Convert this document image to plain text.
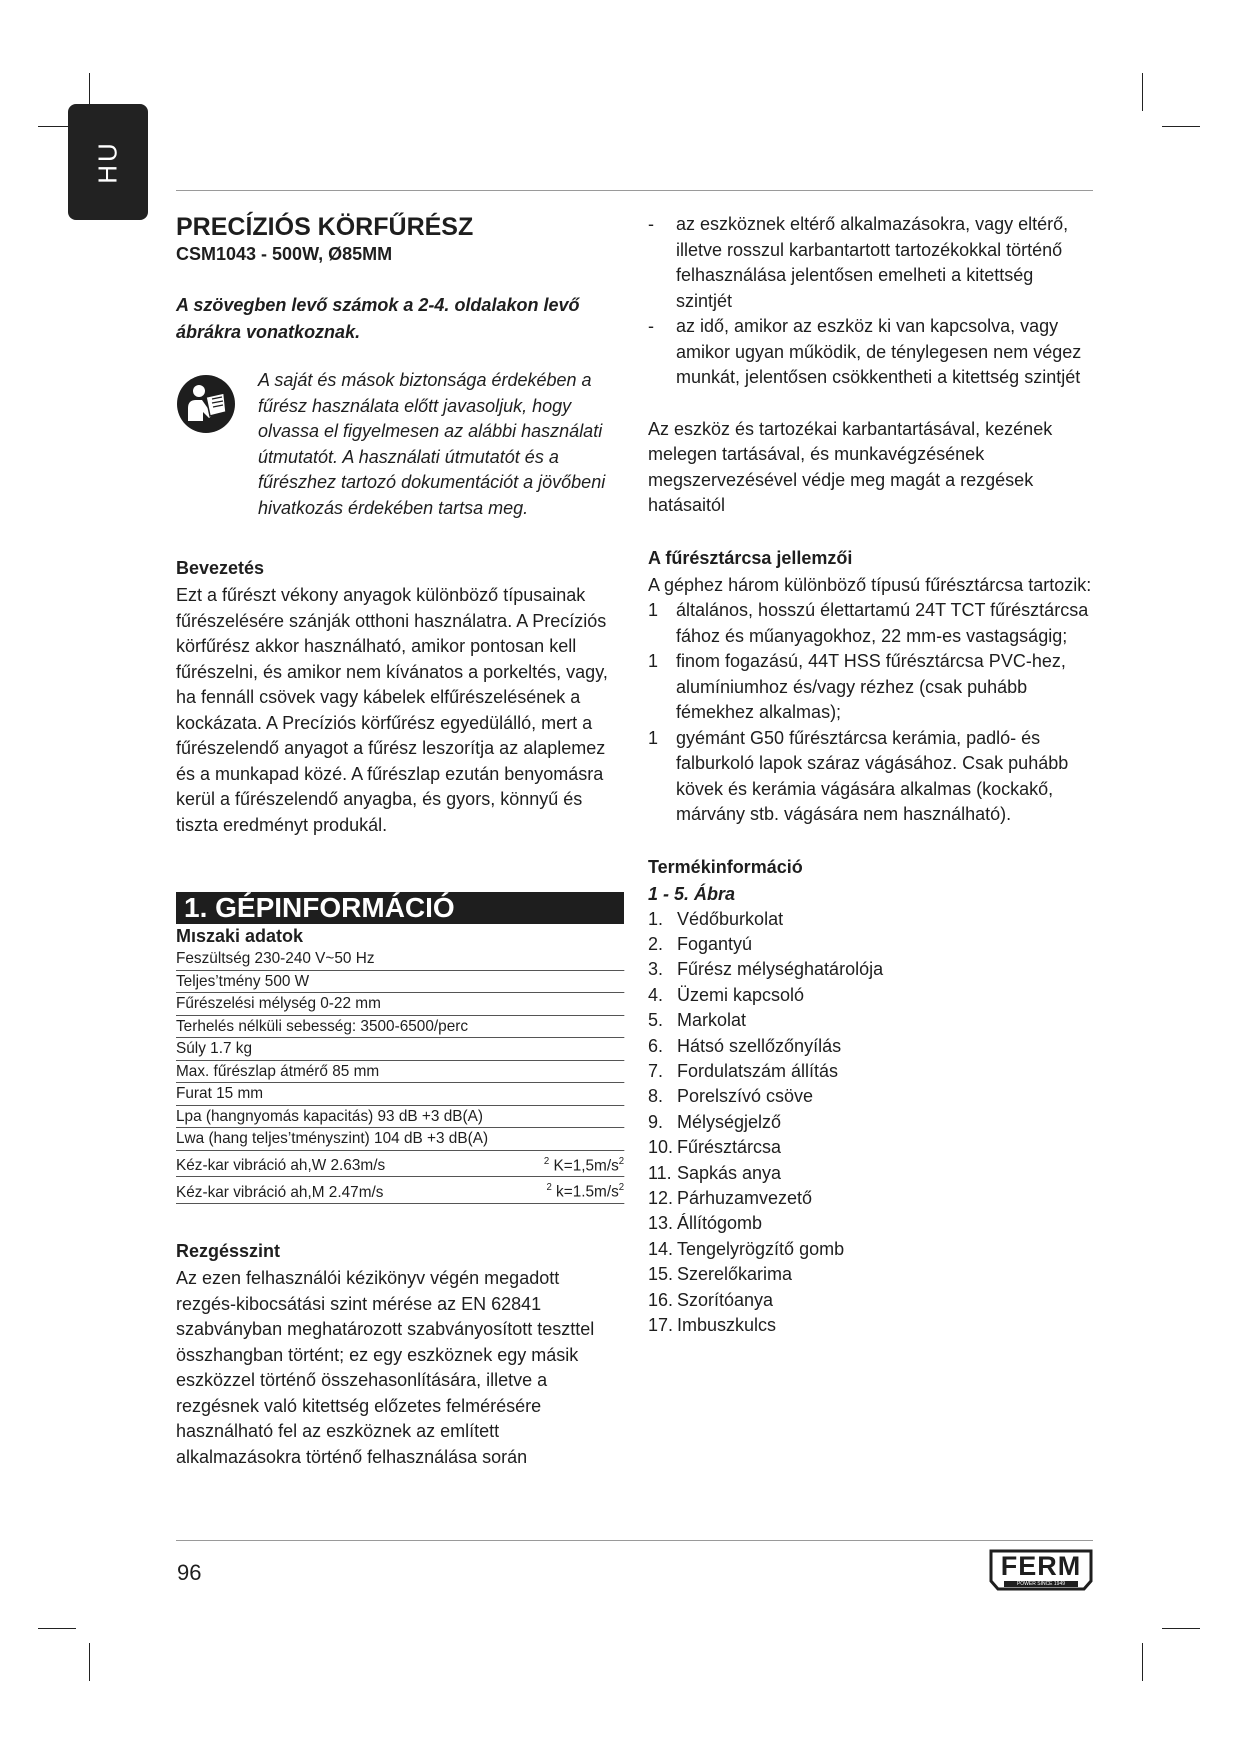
HU
PRECĺZIÓS KÖRFŰRÉSZ

CSM1043 - 500W, Ø85MM

A szövegben levő számok a 2-4. oldalakon levő ábrákra vonatkoznak.

A saját és mások biztonsága érdekében a fűrész használata előtt javasoljuk, hogy olvassa el figyelmesen az alábbi használati útmutatót. A használati útmutatót és a fűrészhez tartozó dokumentációt a jövőbeni hivatkozás érdekében tartsa meg.

Bevezetés

Ezt a fűrészt vékony anyagok különböző típusainak fűrészelésére szánják otthoni használatra. A Precíziós körfűrész akkor használható, amikor pontosan kell fűrészelni, és amikor nem kívánatos a porkeltés, vagy, ha fennáll csövek vagy kábelek elfűrészelésének a kockázata. A Precíziós körfűrész egyedülálló, mert a fűrészelendő anyagot a fűrész leszorítja az alaplemez és a munkapad közé. A fűrészlap ezután benyomásra kerül a fűrészelendő anyagba, és gyors, könnyű és tiszta eredményt produkál.

1. GÉPINFORMÁCIÓ
Mıszaki adatok
Feszültség 230-240 V~50 Hz
Teljes’tmény 500 W
Fűrészelési mélység 0-22 mm
Terhelés nélküli sebesség: 3500-6500/perc
Súly 1.7 kg
Max. fűrészlap átmérő 85 mm
Furat 15 mm
Lpa (hangnyomás kapacitás) 93 dB +3 dB(A)
Lwa (hang teljes’tményszint) 104 dB +3 dB(A)
Kéz-kar vibráció ah,W 2.63m/s	$^2$ $K=1,5m/s^2$
Kéz-kar vibráció ah,M 2.47m/s	$^2$ $k=1.5m/s^2$
Rezgésszint

Az ezen felhasználói kézikönyv végén megadott rezgés-kibocsátási szint mérése az EN 62841 szabványban meghatározott szabványosított teszttel összhangban történt; ez egy eszköznek egy másik eszközzel történő összehasonlítására, illetve a rezgésnek való kitettség előzetes felmérésére használható fel az eszköznek az említett alkalmazásokra történő felhasználása során

-	az eszköznek eltérő alkalmazásokra, vagy eltérő, illetve rosszul karbantartott tartozékokkal történő felhasználása jelentősen emelheti a kitettség szintjét
-	az idő, amikor az eszköz ki van kapcsolva, vagy amikor ugyan működik, de ténylegesen nem végez munkát, jelentősen csökkentheti a kitettség szintjét

Az eszköz és tartozékai karbantartásával, kezének melegen tartásával, és munkavégzésének megszervezésével védje meg magát a rezgések hatásaitól

A fűrésztárcsa jellemzői

A géphez három különböző típusú fűrésztárcsa tartozik:

1 általános, hosszú élettartamú 24T TCT fűrésztárcsa fához és műanyagokhoz, 22 mm-es vastagságig;
1 finom fogazású, 44T HSS fűrésztárcsa PVC-hez, alumíniumhoz és/vagy rézhez (csak puhább fémekhez alkalmas);
1 gyémánt G50 fűrésztárcsa kerámia, padló- és falburkoló lapok száraz vágásához. Csak puhább kövek és kerámia vágására alkalmas (kockakő, márvány stb. vágására nem használható).
Termékinformáció
1 - 5. Ábra
1. Védőburkolat
2. Fogantyú
3. Fűrész mélységhatárolója
4. Üzemi kapcsoló
5. Markolat
6. Hátsó szellőzőnyílás
7. Fordulatszám állítás
8. Porelszívó csöve
9. Mélységjelző
10. Fűrésztárcsa
11. Sapkás anya
12. Párhuzamvezető
13. Állítógomb
14. Tengelyrögzítő gomb
15. Szerelőkarima
16. Szorítóanya
17. Imbuszkulcs
96	FERM
POWER SINCE 1949
